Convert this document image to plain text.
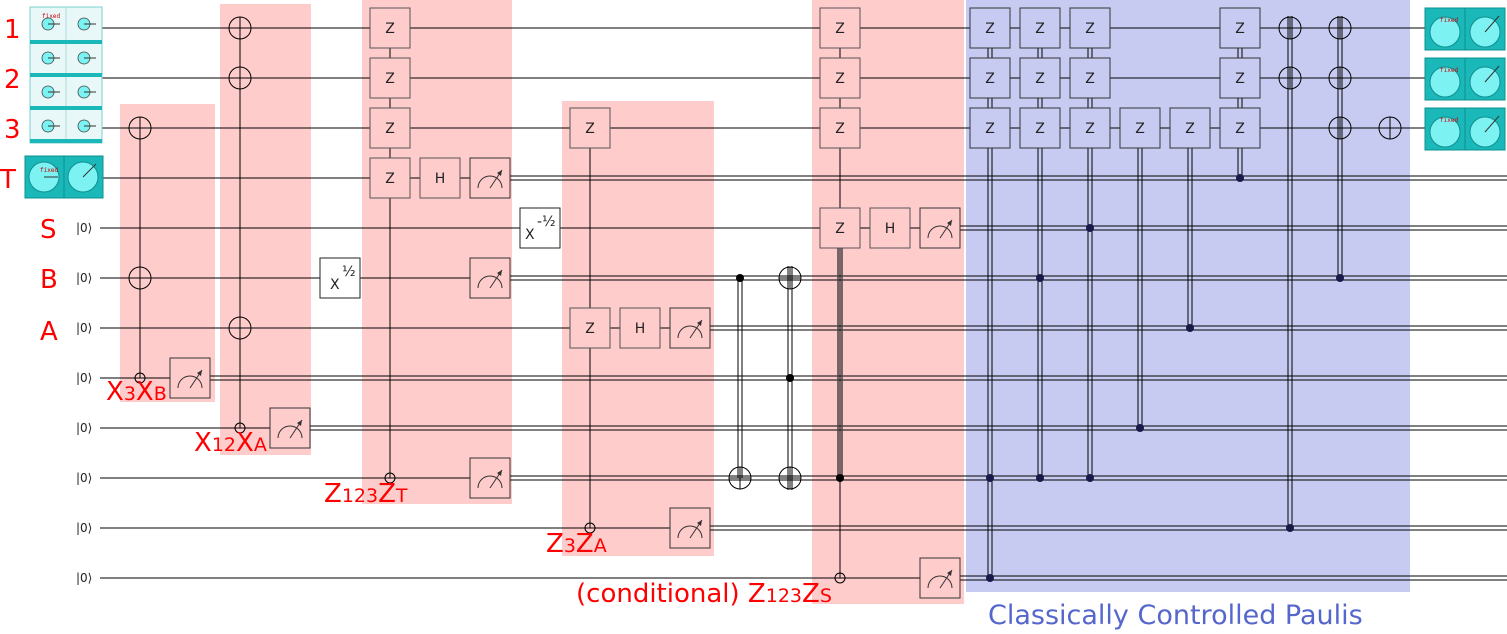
1
2
3
T
S
B
A
|0⟩
|0⟩
|0⟩
|0⟩
|0⟩
|0⟩
|0⟩
|0⟩
fixed
fixed
fixed
fixed
fixed
Z
Z
Z
Z
Z
Z
Z
Z
Z
Z
H
H
H
X
½
X
-½
Z
Z
Z
Z
Z
Z
Z
Z
Z	Z	Z
Z
Z
Z
X3XB
X12XA
Z123ZT
Z3ZA
(conditional) Z123ZS
Classically Controlled Paulis
